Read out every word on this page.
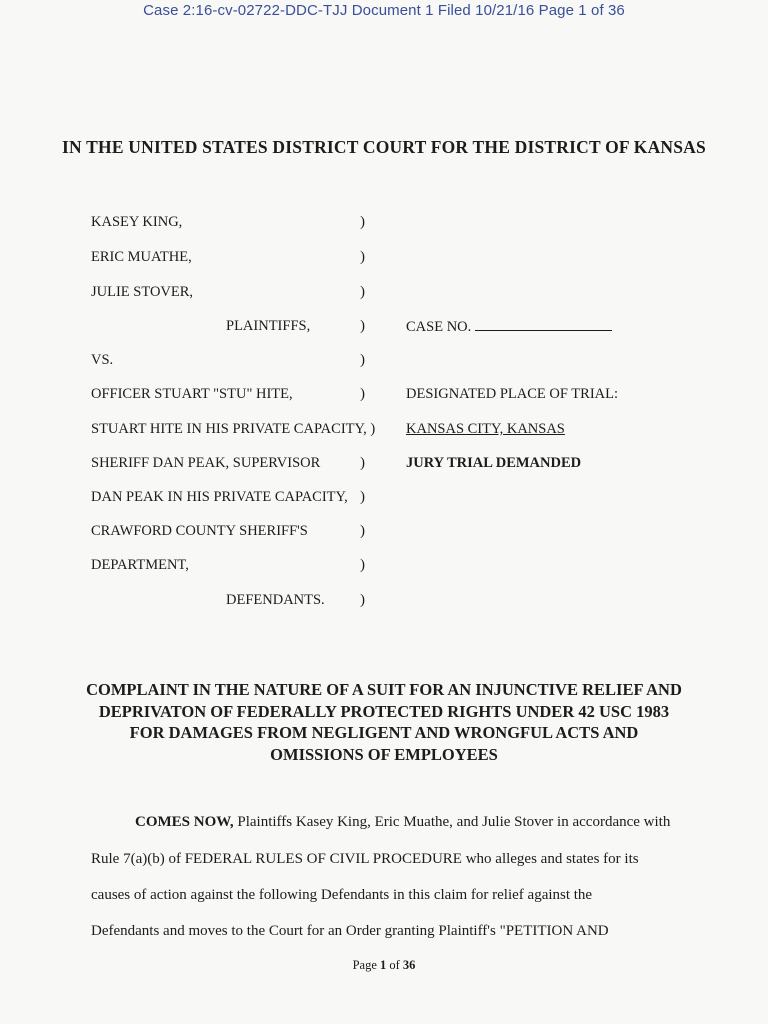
Case 2:16-cv-02722-DDC-TJJ Document 1 Filed 10/21/16 Page 1 of 36
IN THE UNITED STATES DISTRICT COURT FOR THE DISTRICT OF KANSAS
KASEY KING,
ERIC MUATHE,
JULIE STOVER,
PLAINTIFFS,
VS.
OFFICER STUART "STU" HITE,
STUART HITE IN HIS PRIVATE CAPACITY, )
SHERIFF DAN PEAK, SUPERVISOR
DAN PEAK IN HIS PRIVATE CAPACITY,
CRAWFORD COUNTY SHERIFF'S
DEPARTMENT,
DEFENDANTS.
)
)
)
)
)
)
)
)
)
)
)
CASE NO.
DESIGNATED PLACE OF TRIAL:
KANSAS CITY, KANSAS
JURY TRIAL DEMANDED
COMPLAINT IN THE NATURE OF A SUIT FOR AN INJUNCTIVE RELIEF AND DEPRIVATON OF FEDERALLY PROTECTED RIGHTS UNDER 42 USC 1983 FOR DAMAGES FROM NEGLIGENT AND WRONGFUL ACTS AND OMISSIONS OF EMPLOYEES
COMES NOW, Plaintiffs Kasey King, Eric Muathe, and Julie Stover in accordance with
Rule 7(a)(b) of FEDERAL RULES OF CIVIL PROCEDURE who alleges and states for its
causes of action against the following Defendants in this claim for relief against the
Defendants and moves to the Court for an Order granting Plaintiff's "PETITION AND
Page 1 of 36
